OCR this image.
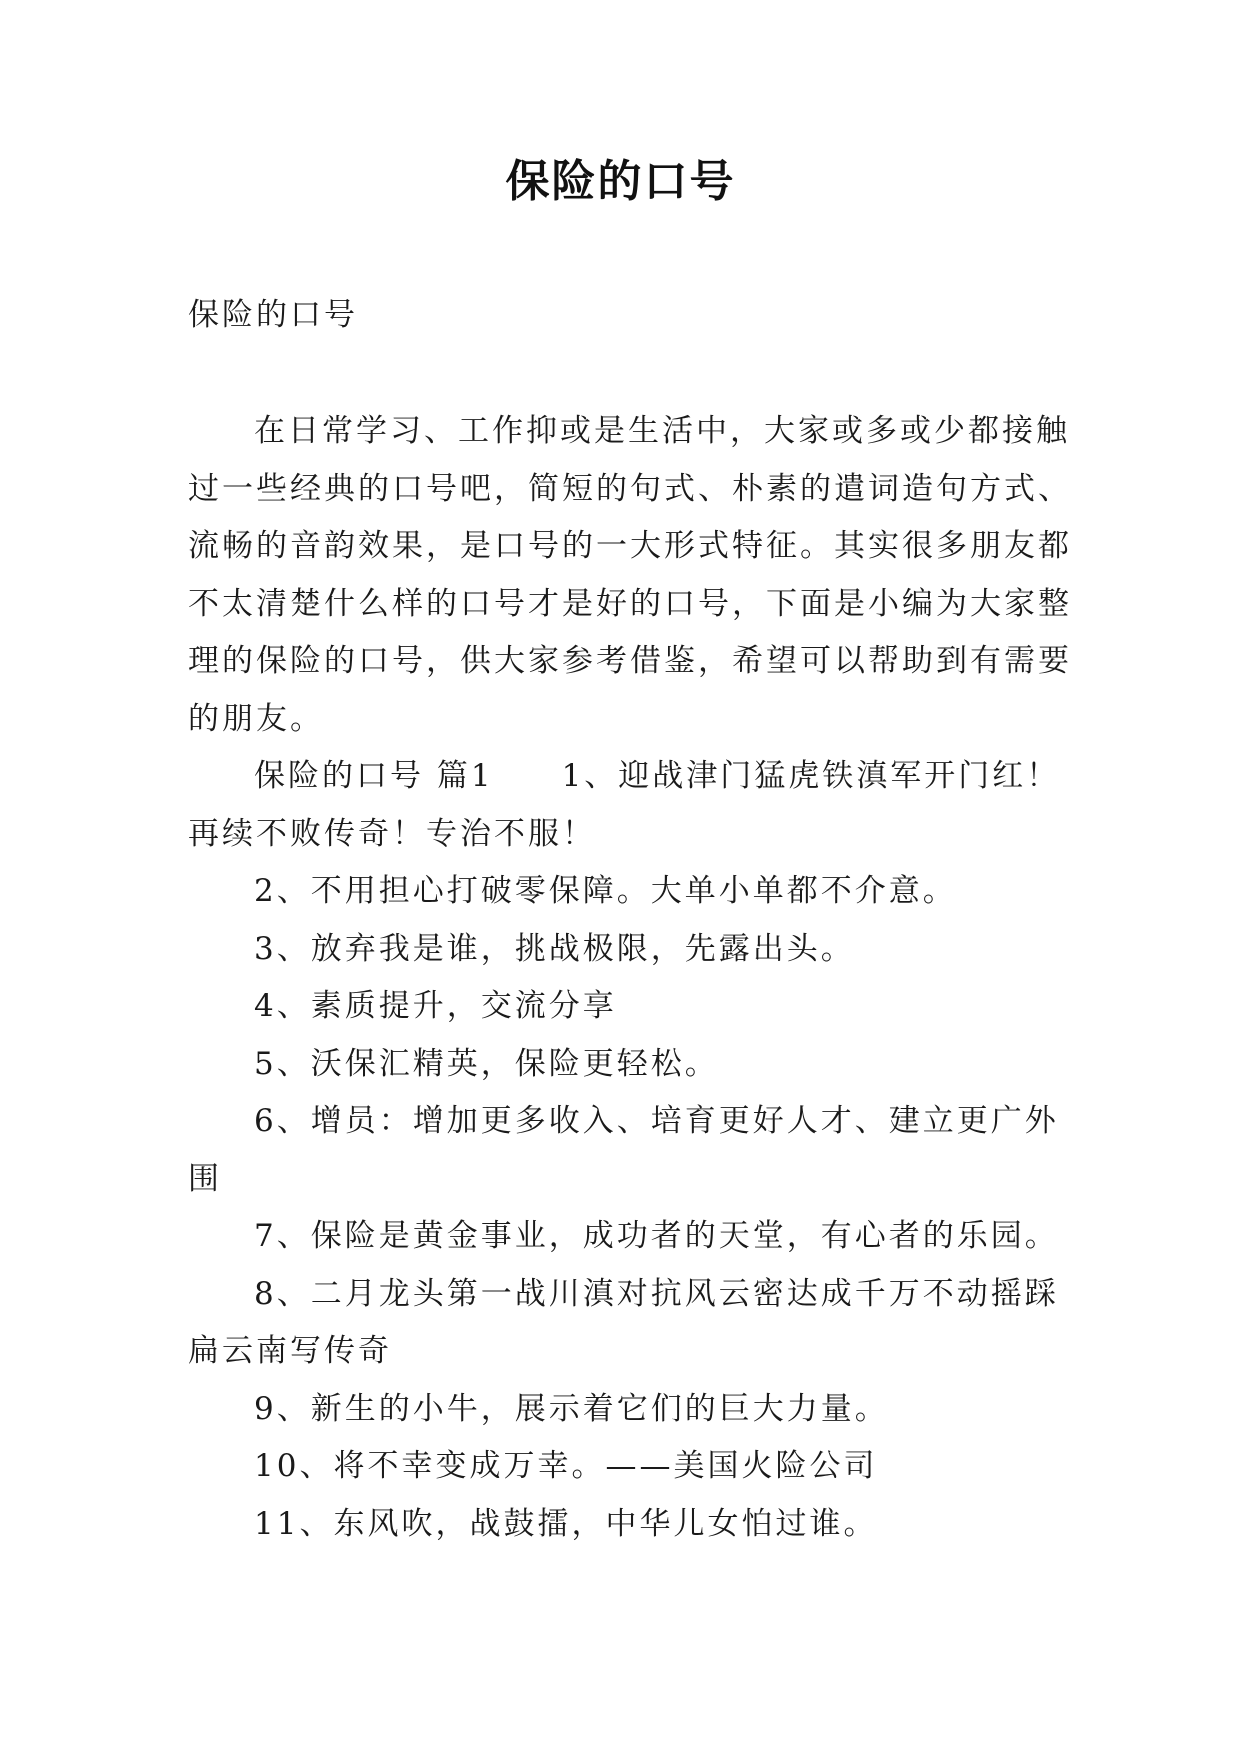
保险的口号
保险的口号

在日常学习、工作抑或是生活中，大家或多或少都接触过一些经典的口号吧，简短的句式、朴素的遣词造句方式、流畅的音韵效果，是口号的一大形式特征。其实很多朋友都不太清楚什么样的口号才是好的口号，下面是小编为大家整理的保险的口号，供大家参考借鉴，希望可以帮助到有需要的朋友。

保险的口号 篇1　　1、迎战津门猛虎铁滇军开门红！再续不败传奇！专治不服！

2、不用担心打破零保障。大单小单都不介意。

3、放弃我是谁，挑战极限，先露出头。

4、素质提升，交流分享

5、沃保汇精英，保险更轻松。

6、增员：增加更多收入、培育更好人才、建立更广外围

7、保险是黄金事业，成功者的天堂，有心者的乐园。

8、二月龙头第一战川滇对抗风云密达成千万不动摇踩扁云南写传奇

9、新生的小牛，展示着它们的巨大力量。

10、将不幸变成万幸。——美国火险公司

11、东风吹，战鼓擂，中华儿女怕过谁。
